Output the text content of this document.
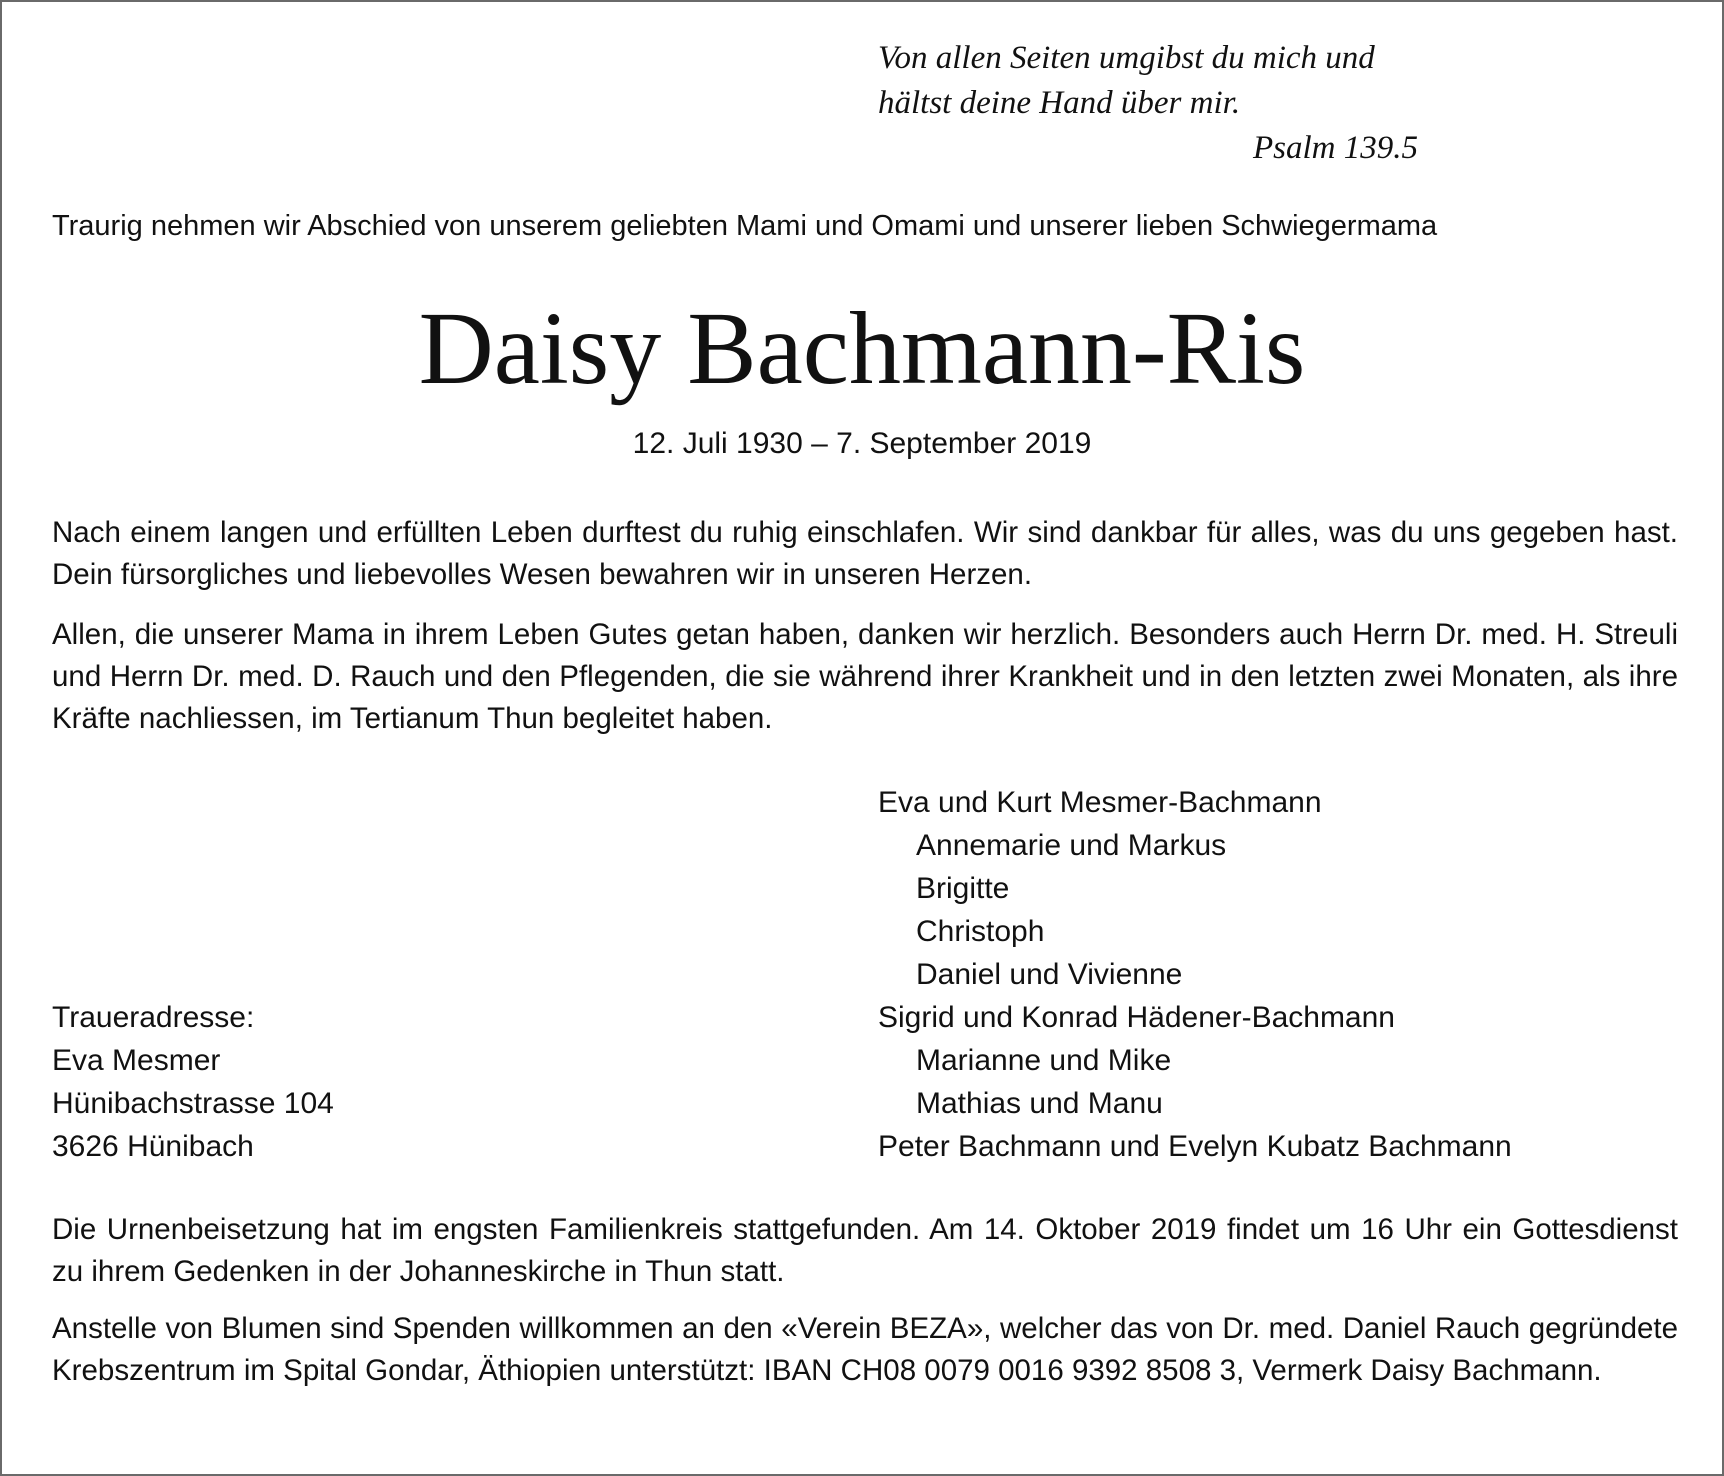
Von allen Seiten umgibst du mich und
hältst deine Hand über mir.
Psalm 139.5
Traurig nehmen wir Abschied von unserem geliebten Mami und Omami und unserer lieben Schwiegermama
Daisy Bachmann-Ris
12. Juli 1930 – 7. September 2019
Nach einem langen und erfüllten Leben durftest du ruhig einschlafen. Wir sind dankbar für alles, was du uns gegeben hast. Dein fürsorgliches und liebevolles Wesen bewahren wir in unseren Herzen.
Allen, die unserer Mama in ihrem Leben Gutes getan haben, danken wir herzlich. Besonders auch Herrn Dr. med. H. Streuli und Herrn Dr. med. D. Rauch und den Pflegenden, die sie während ihrer Krankheit und in den letzten zwei Monaten, als ihre Kräfte nachliessen, im Tertianum Thun begleitet haben.
Traueradresse:
Eva Mesmer
Hünibachstrasse 104
3626 Hünibach
Eva und Kurt Mesmer-Bachmann
Annemarie und Markus
Brigitte
Christoph
Daniel und Vivienne
Sigrid und Konrad Hädener-Bachmann
Marianne und Mike
Mathias und Manu
Peter Bachmann und Evelyn Kubatz Bachmann
Die Urnenbeisetzung hat im engsten Familienkreis stattgefunden. Am 14. Oktober 2019 findet um 16 Uhr ein Gottesdienst zu ihrem Gedenken in der Johanneskirche in Thun statt.
Anstelle von Blumen sind Spenden willkommen an den «Verein BEZA», welcher das von Dr. med. Daniel Rauch gegründete Krebszentrum im Spital Gondar, Äthiopien unterstützt: IBAN CH08 0079 0016 9392 8508 3, Vermerk Daisy Bachmann.
